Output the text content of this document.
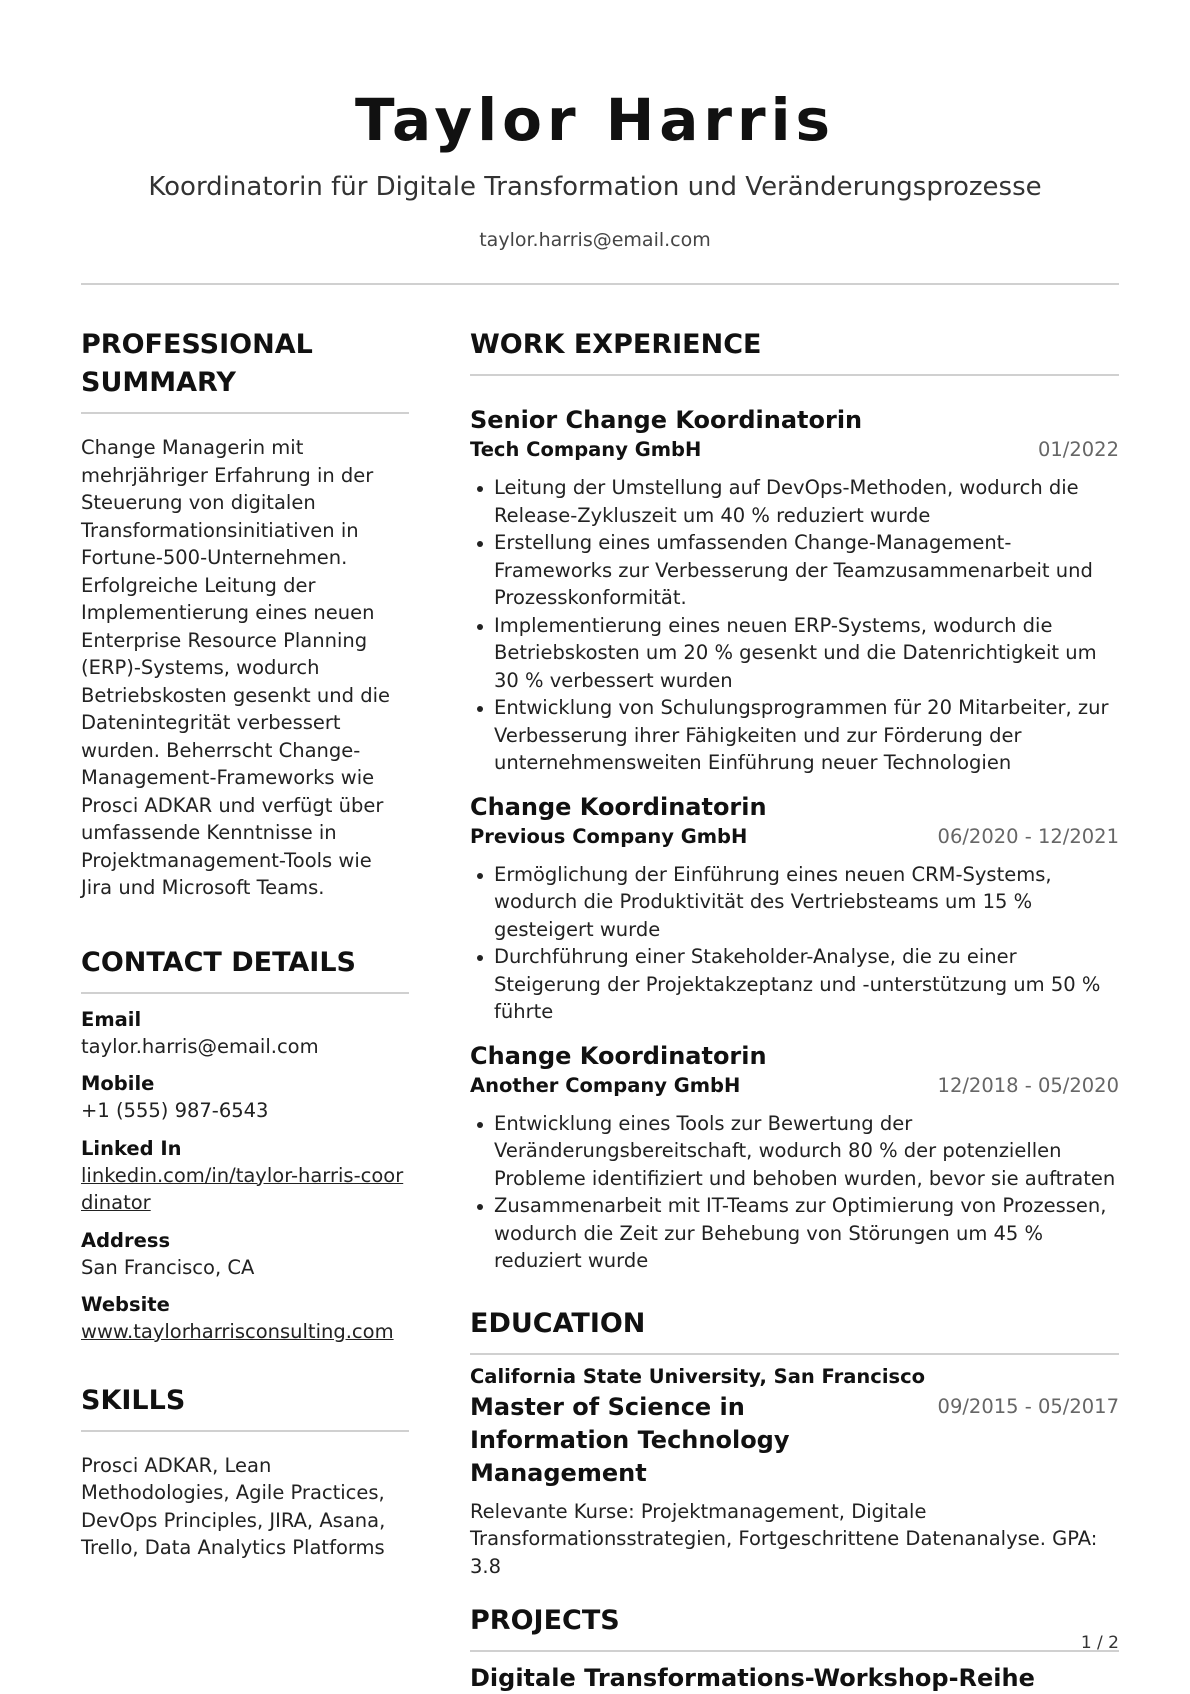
Taylor Harris
Koordinatorin für Digitale Transformation und Veränderungsprozesse
taylor.harris@email.com
PROFESSIONAL SUMMARY
Change Managerin mit mehrjähriger Erfahrung in der Steuerung von digitalen Transformationsinitiativen in Fortune-500-Unternehmen. Erfolgreiche Leitung der Implementierung eines neuen Enterprise Resource Planning (ERP)-Systems, wodurch Betriebskosten gesenkt und die Datenintegrität verbessert wurden. Beherrscht Change-Management-Frameworks wie Prosci ADKAR und verfügt über umfassende Kenntnisse in Projektmanagement-Tools wie Jira und Microsoft Teams.
CONTACT DETAILS
Email
taylor.harris@email.com
Mobile
+1 (555) 987-6543
Linked In
linkedin.com/in/taylor-harris-coordinator
Address
San Francisco, CA
Website
www.taylorharrisconsulting.com
SKILLS
Prosci ADKAR, Lean Methodologies, Agile Practices, DevOps Principles, JIRA, Asana, Trello, Data Analytics Platforms
WORK EXPERIENCE
Senior Change Koordinatorin
Tech Company GmbH	01/2022
Leitung der Umstellung auf DevOps-Methoden, wodurch die Release-Zykluszeit um 40 % reduziert wurde
Erstellung eines umfassenden Change-Management-Frameworks zur Verbesserung der Teamzusammenarbeit und Prozesskonformität.
Implementierung eines neuen ERP-Systems, wodurch die Betriebskosten um 20 % gesenkt und die Datenrichtigkeit um 30 % verbessert wurden
Entwicklung von Schulungsprogrammen für 20 Mitarbeiter, zur Verbesserung ihrer Fähigkeiten und zur Förderung der unternehmensweiten Einführung neuer Technologien
Change Koordinatorin
Previous Company GmbH	06/2020 - 12/2021
Ermöglichung der Einführung eines neuen CRM-Systems, wodurch die Produktivität des Vertriebsteams um 15 % gesteigert wurde
Durchführung einer Stakeholder-Analyse, die zu einer Steigerung der Projektakzeptanz und -unterstützung um 50 % führte
Change Koordinatorin
Another Company GmbH	12/2018 - 05/2020
Entwicklung eines Tools zur Bewertung der Veränderungsbereitschaft, wodurch 80 % der potenziellen Probleme identifiziert und behoben wurden, bevor sie auftraten
Zusammenarbeit mit IT-Teams zur Optimierung von Prozessen, wodurch die Zeit zur Behebung von Störungen um 45 % reduziert wurde
EDUCATION
California State University, San Francisco
Master of Science in Information Technology Management
09/2015 - 05/2017
Relevante Kurse: Projektmanagement, Digitale Transformationsstrategien, Fortgeschrittene Datenanalyse. GPA: 3.8
PROJECTS
Digitale Transformations-Workshop-Reihe
1 / 2
